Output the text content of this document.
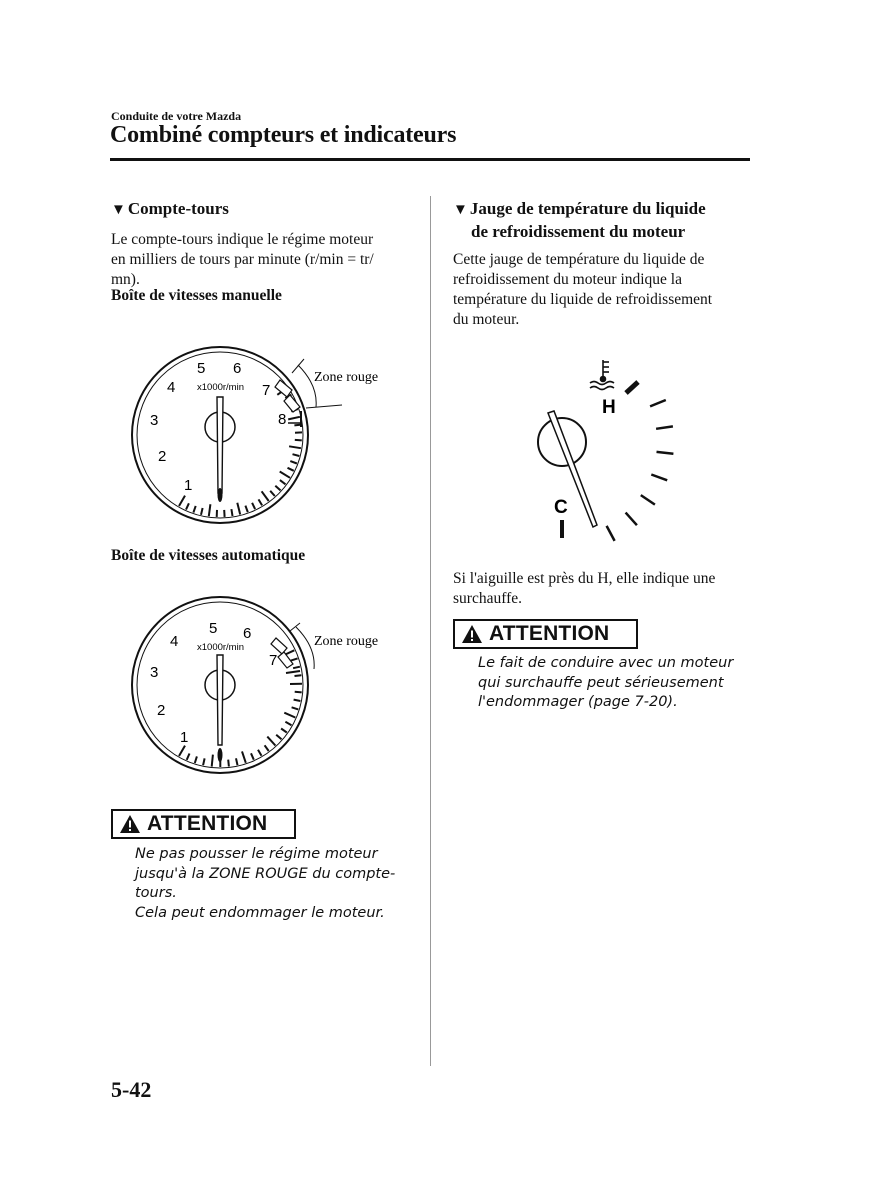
Conduite de votre Mazda
Combiné compteurs et indicateurs
▼ Compte-tours
Le compte-tours indique le régime moteur
en milliers de tours par minute (r/min = tr/
mn).
Boîte de vitesses manuelle
1
2
3
4
5 6
7
8
x1000r/min
Zone rouge
Boîte de vitesses automatique
1
2
3
4
5 6
7
x1000r/min	Zone rouge
ATTENTION
Ne pas pousser le régime moteur
jusqu'à la ZONE ROUGE du compte-
tours.
Cela peut endommager le moteur.
▼ Jauge de température du liquide
de refroidissement du moteur
Cette jauge de température du liquide de
refroidissement du moteur indique la
température du liquide de refroidissement
du moteur.
H
C
Si l'aiguille est près du H, elle indique une
surchauffe.
ATTENTION
Le fait de conduire avec un moteur
qui surchauffe peut sérieusement
l'endommager (page 7-20).
5-42
